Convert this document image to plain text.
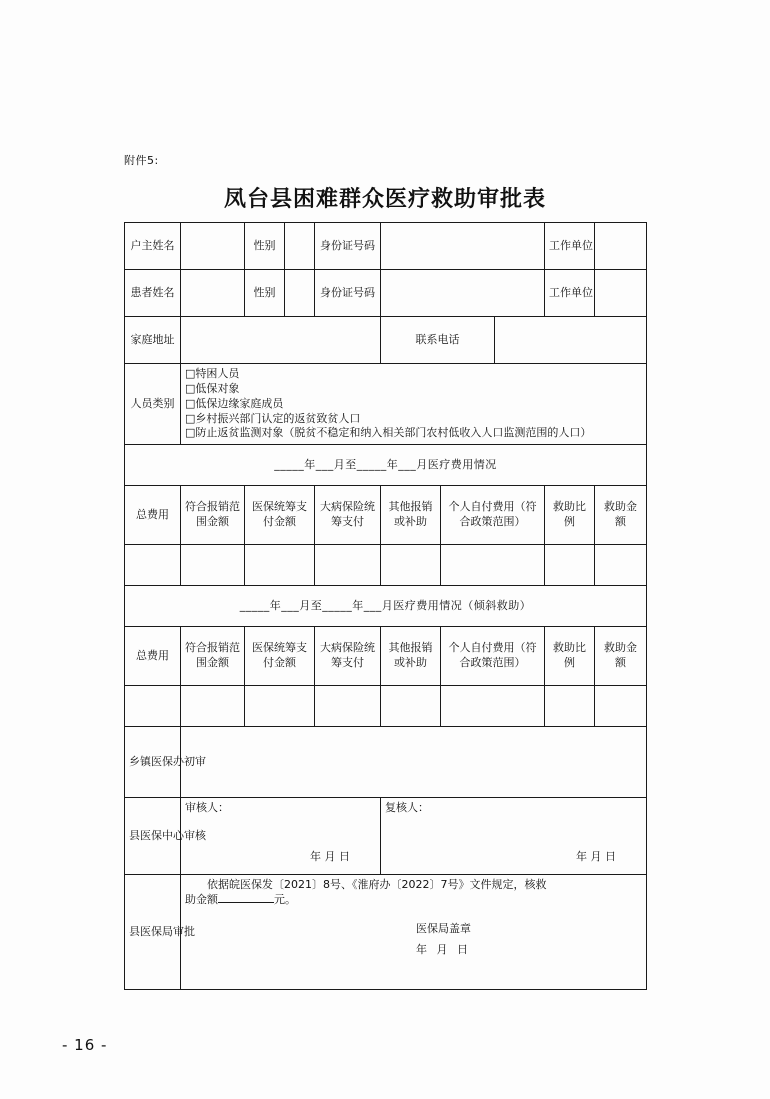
附件5:
凤台县困难群众医疗救助审批表
户主姓名		性别		身份证号码				工作单位	
患者姓名		性别		身份证号码				工作单位	
家庭地址					联系电话				
人员类别	□特困人员
□低保对象
□低保边缘家庭成员
□乡村振兴部门认定的返贫致贫人口
□防止返贫监测对象（脱贫不稳定和纳入相关部门农村低收入人口监测范围的人口）								

_____年___月至_____年___月医疗费用情况									
总费用	符合报销范围金额	医保统筹支付金额		大病保险统筹支付	其他报销或补助	个人自付费用（符合政策范围）		救助比例	救助金额

_____年___月至_____年___月医疗费用情况（倾斜救助）									
总费用	符合报销范围金额	医保统筹支付金额		大病保险统筹支付	其他报销或补助	个人自付费用（符合政策范围）		救助比例	救助金额

乡镇医保办初审									
县医保中心审核	
审核人：
年 月 日

复核人：
年 月 日

县医保局审批	依据皖医保发〔2021〕8号、《淮府办〔2022〕7号》文件规定，核救
助金额 元。
医保局盖章
年 月 日								
- 16 -
